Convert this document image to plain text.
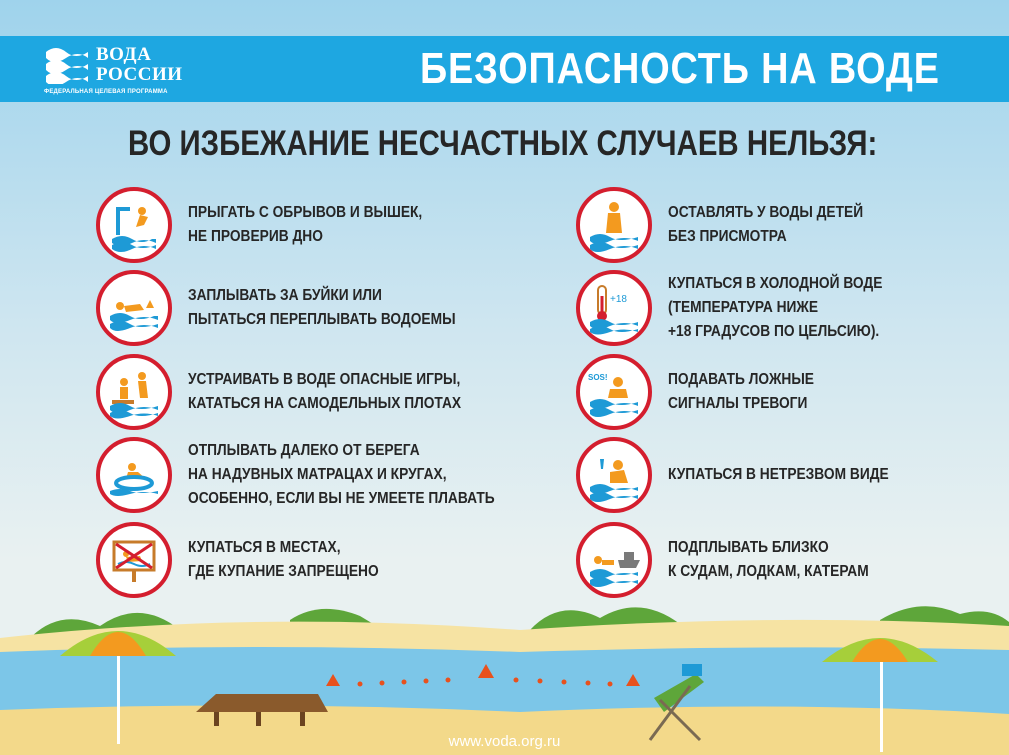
ВОДА
РОССИИ
ФЕДЕРАЛЬНАЯ ЦЕЛЕВАЯ ПРОГРАММА	БЕЗОПАСНОСТЬ НА ВОДЕ
ВО ИЗБЕЖАНИЕ НЕСЧАСТНЫХ СЛУЧАЕВ НЕЛЬЗЯ:
ПРЫГАТЬ С ОБРЫВОВ И ВЫШЕК,
НЕ ПРОВЕРИВ ДНО
ЗАПЛЫВАТЬ ЗА БУЙКИ ИЛИ
ПЫТАТЬСЯ ПЕРЕПЛЫВАТЬ ВОДОЕМЫ
УСТРАИВАТЬ В ВОДЕ ОПАСНЫЕ ИГРЫ,
КАТАТЬСЯ НА САМОДЕЛЬНЫХ ПЛОТАХ
ОТПЛЫВАТЬ ДАЛЕКО ОТ БЕРЕГА
НА НАДУВНЫХ МАТРАЦАХ И КРУГАХ,
ОСОБЕННО, ЕСЛИ ВЫ НЕ УМЕЕТЕ ПЛАВАТЬ
КУПАТЬСЯ В МЕСТАХ,
ГДЕ КУПАНИЕ ЗАПРЕЩЕНО
ОСТАВЛЯТЬ У ВОДЫ ДЕТЕЙ
БЕЗ ПРИСМОТРА
+18
КУПАТЬСЯ В ХОЛОДНОЙ ВОДЕ
(ТЕМПЕРАТУРА НИЖЕ
+18 ГРАДУСОВ ПО ЦЕЛЬСИЮ).
SOS!	ПОДАВАТЬ ЛОЖНЫЕ
СИГНАЛЫ ТРЕВОГИ
КУПАТЬСЯ В НЕТРЕЗВОМ ВИДЕ
ПОДПЛЫВАТЬ БЛИЗКО
К СУДАМ, ЛОДКАМ, КАТЕРАМ
www.voda.org.ru
